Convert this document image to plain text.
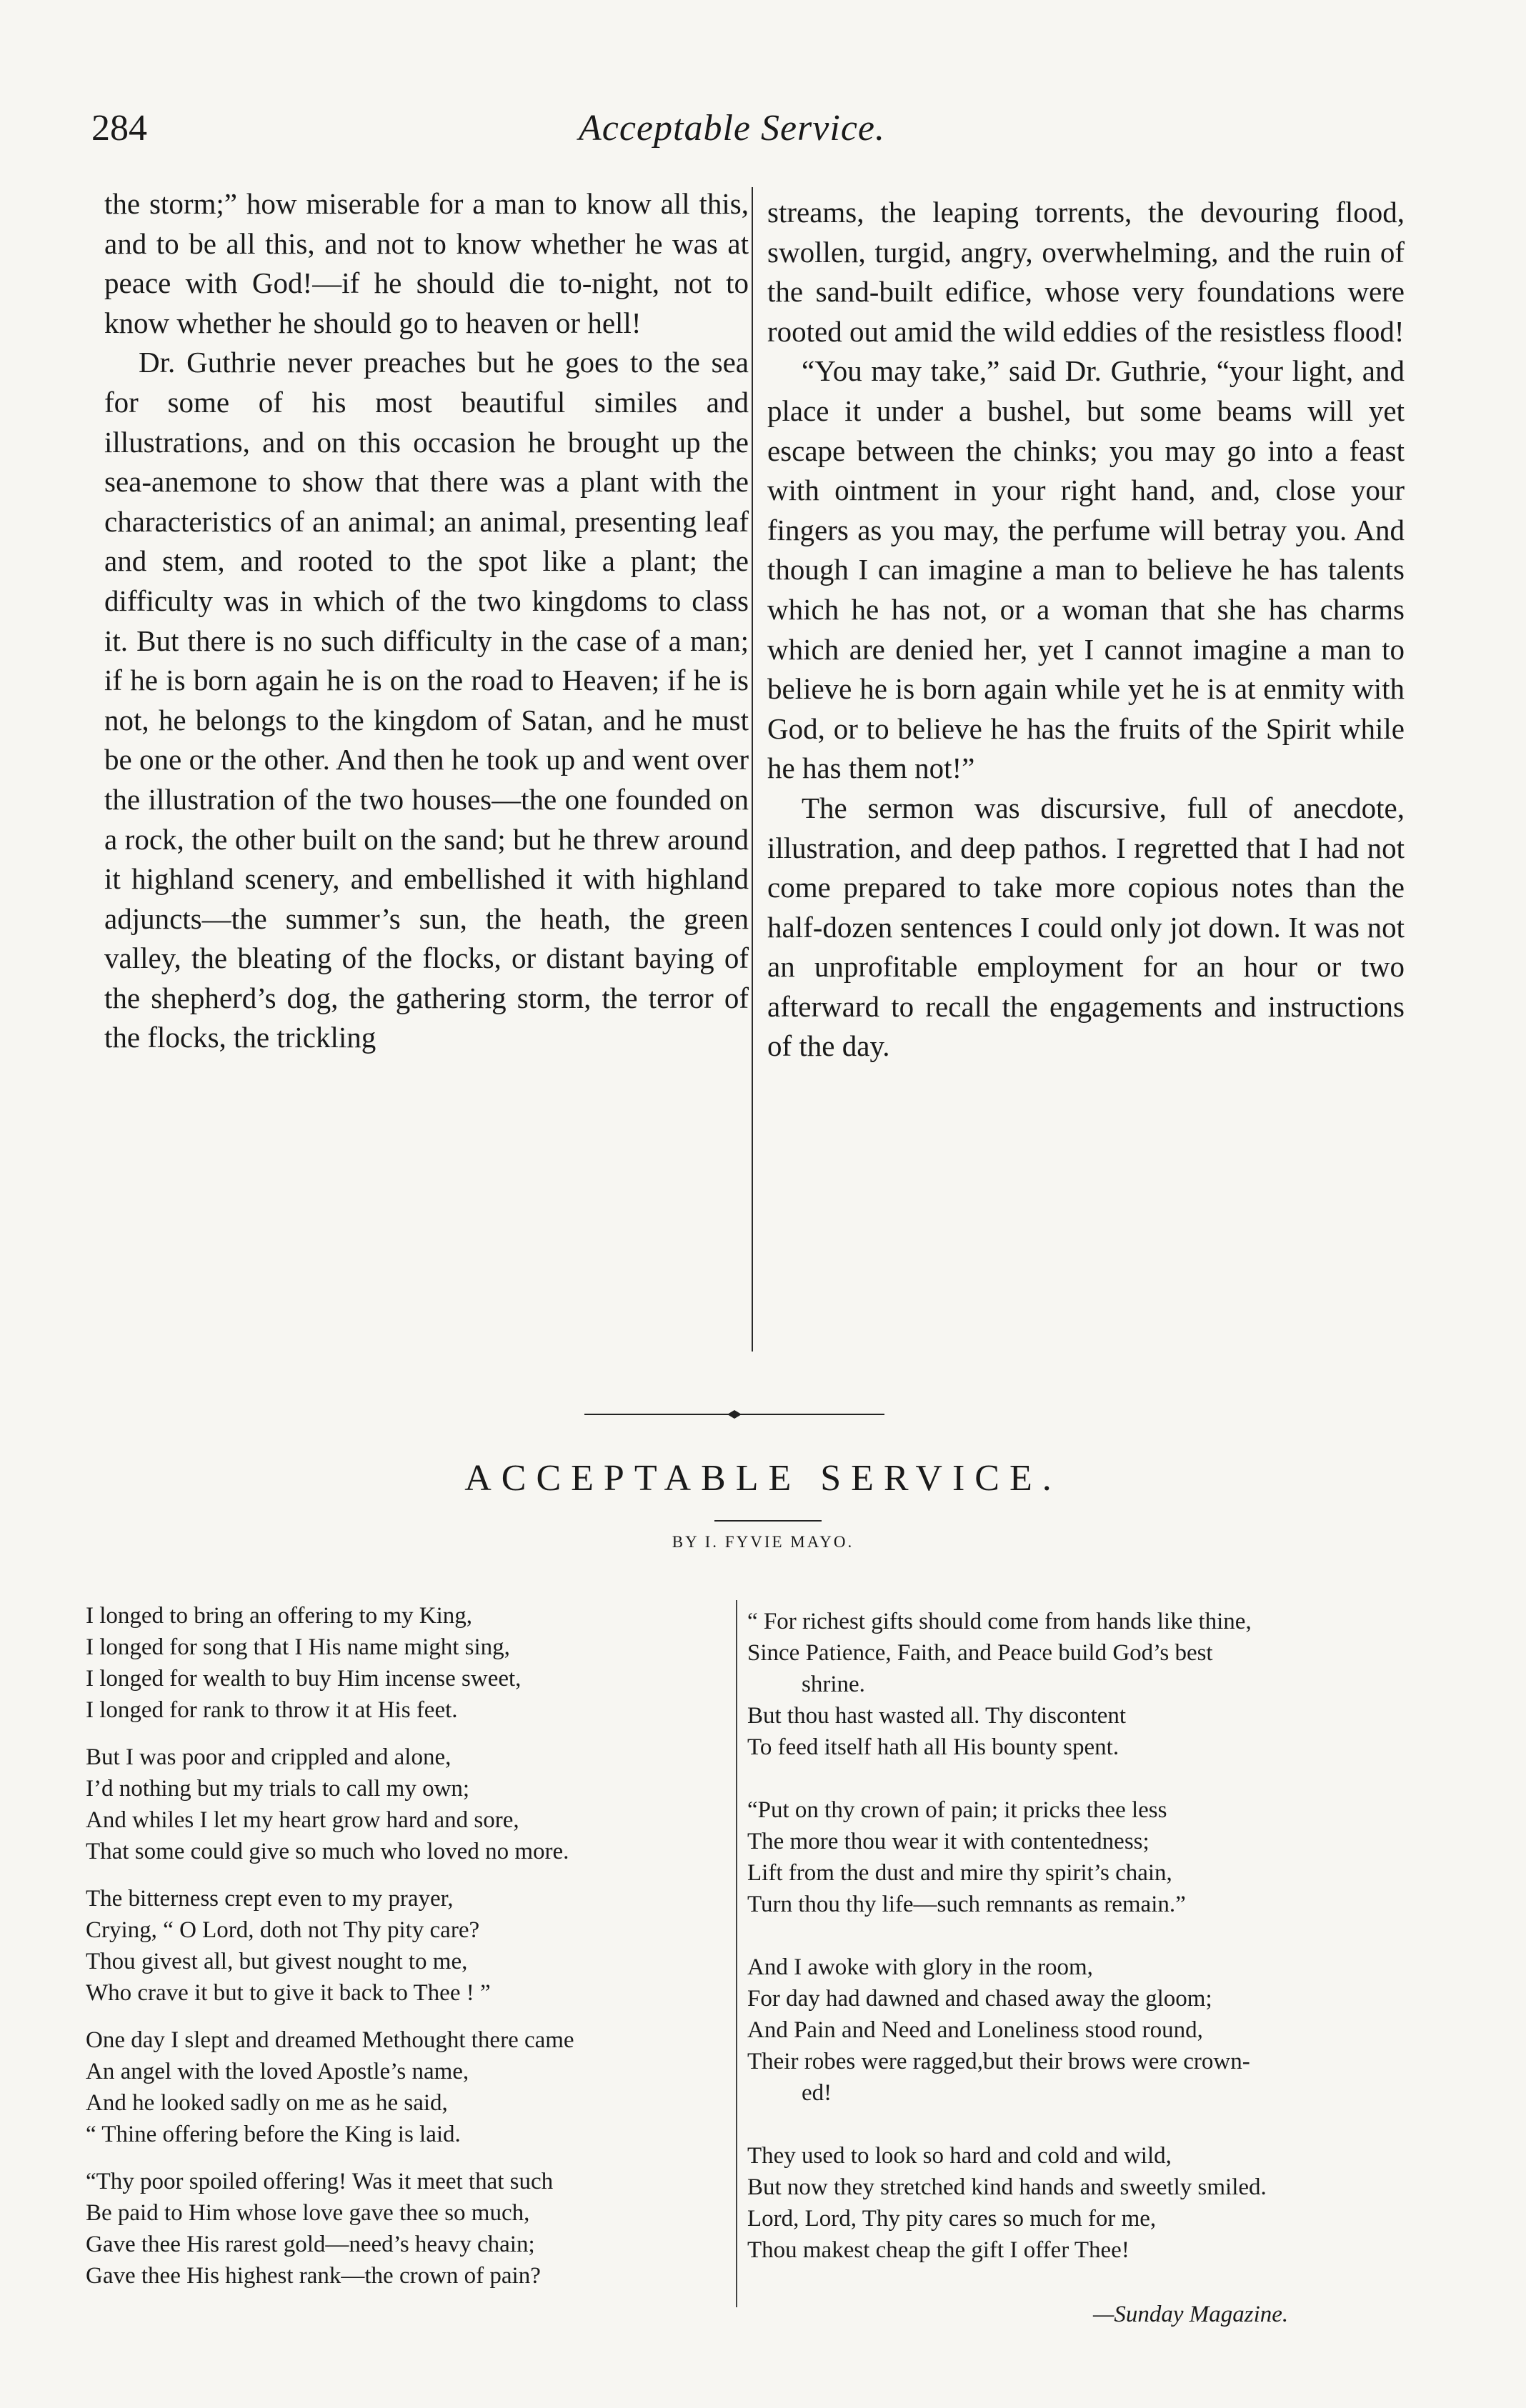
284	Acceptable Service.

the storm;” how miserable for a man to know all this, and to be all this, and not to know whether he was at peace with God!—if he should die to-night, not to know whether he should go to heaven or hell!

Dr. Guthrie never preaches but he goes to the sea for some of his most beautiful similes and illustrations, and on this occasion he brought up the sea-anemone to show that there was a plant with the characteristics of an animal; an animal, presenting leaf and stem, and rooted to the spot like a plant; the difficulty was in which of the two kingdoms to class it. But there is no such difficulty in the case of a man; if he is born again he is on the road to Heaven; if he is not, he belongs to the kingdom of Satan, and he must be one or the other. And then he took up and went over the illustration of the two houses—the one founded on a rock, the other built on the sand; but he threw around it highland scenery, and embellished it with highland adjuncts—the summer’s sun, the heath, the green valley, the bleating of the flocks, or distant baying of the shepherd’s dog, the gathering storm, the terror of the flocks, the trickling

streams, the leaping torrents, the devouring flood, swollen, turgid, angry, overwhelming, and the ruin of the sand-built edifice, whose very foundations were rooted out amid the wild eddies of the resistless flood!

“You may take,” said Dr. Guthrie, “your light, and place it under a bushel, but some beams will yet escape between the chinks; you may go into a feast with ointment in your right hand, and, close your fingers as you may, the perfume will betray you. And though I can imagine a man to believe he has talents which he has not, or a woman that she has charms which are denied her, yet I cannot imagine a man to believe he is born again while yet he is at enmity with God, or to believe he has the fruits of the Spirit while he has them not!”

The sermon was discursive, full of anecdote, illustration, and deep pathos. I regretted that I had not come prepared to take more copious notes than the half-dozen sentences I could only jot down. It was not an unprofitable employment for an hour or two afterward to recall the engagements and instructions of the day.

ACCEPTABLE SERVICE.
BY I. FYVIE MAYO.
I longed to bring an offering to my King,
I longed for song that I His name might sing,
I longed for wealth to buy Him incense sweet,
I longed for rank to throw it at His feet.
But I was poor and crippled and alone,
I’d nothing but my trials to call my own;
And whiles I let my heart grow hard and sore,
That some could give so much who loved no more.
The bitterness crept even to my prayer,
Crying, “ O Lord, doth not Thy pity care?
Thou givest all, but givest nought to me,
Who crave it but to give it back to Thee ! ”
One day I slept and dreamed Methought there came
An angel with the loved Apostle’s name,
And he looked sadly on me as he said,
“ Thine offering before the King is laid.
“Thy poor spoiled offering! Was it meet that such
Be paid to Him whose love gave thee so much,
Gave thee His rarest gold—need’s heavy chain;
Gave thee His highest rank—the crown of pain?
“ For richest gifts should come from hands like thine,
Since Patience, Faith, and Peace build God’s best
shrine.
But thou hast wasted all. Thy discontent
To feed itself hath all His bounty spent.
“Put on thy crown of pain; it pricks thee less
The more thou wear it with contentedness;
Lift from the dust and mire thy spirit’s chain,
Turn thou thy life—such remnants as remain.”
And I awoke with glory in the room,
For day had dawned and chased away the gloom;
And Pain and Need and Loneliness stood round,
Their robes were ragged,but their brows were crown-
ed!
They used to look so hard and cold and wild,
But now they stretched kind hands and sweetly smiled.
Lord, Lord, Thy pity cares so much for me,
Thou makest cheap the gift I offer Thee!
—Sunday Magazine.
